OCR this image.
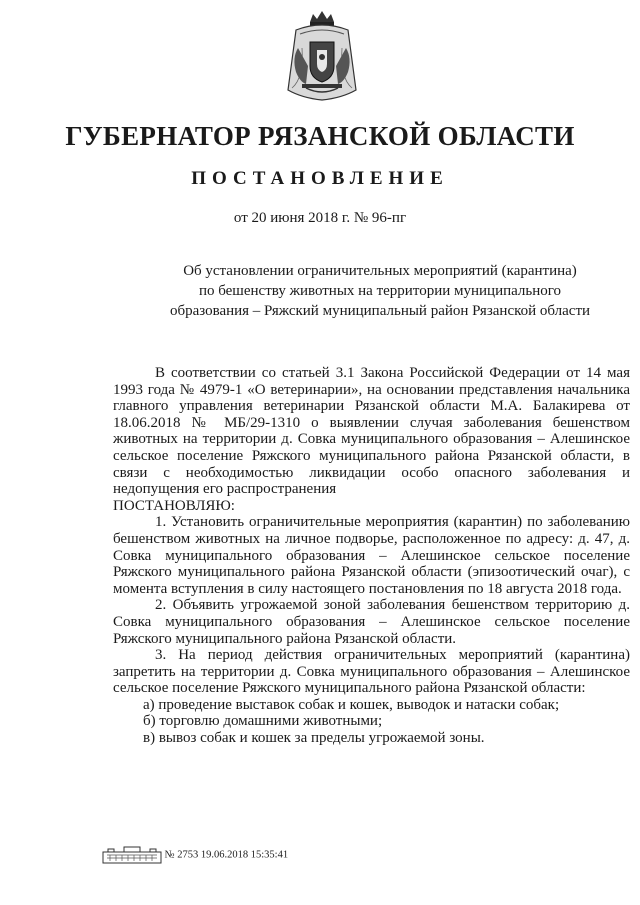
ГУБЕРНАТОР РЯЗАНСКОЙ ОБЛАСТИ
ПОСТАНОВЛЕНИЕ
от 20 июня 2018 г. № 96-пг
Об установлении ограничительных мероприятий (карантина)
по бешенству животных на территории муниципального
образования – Ряжский муниципальный район Рязанской области

В соответствии со статьей 3.1 Закона Российской Федерации от 14 мая 1993 года № 4979-1 «О ветеринарии», на основании представления начальника главного управления ветеринарии Рязанской области М.А. Балакирева от 18.06.2018 № МБ/29-1310 о выявлении случая заболевания бешенством животных на территории д. Совка муниципального образования – Алешинское сельское поселение Ряжского муниципального района Рязанской области, в связи с необходимостью ликвидации особо опасного заболевания и недопущения его распространения

ПОСТАНОВЛЯЮ:

1. Установить ограничительные мероприятия (карантин) по заболеванию бешенством животных на личное подворье, расположенное по адресу: д. 47, д. Совка муниципального образования – Алешинское сельское поселение Ряжского муниципального района Рязанской области (эпизоотический очаг), с момента вступления в силу настоящего постановления по 18 августа 2018 года.

2. Объявить угрожаемой зоной заболевания бешенством территорию д. Совка муниципального образования – Алешинское сельское поселение Ряжского муниципального района Рязанской области.

3. На период действия ограничительных мероприятий (карантина) запретить на территории д. Совка муниципального образования – Алешинское сельское поселение Ряжского муниципального района Рязанской области:

а) проведение выставок собак и кошек, выводок и натаски собак;

б) торговлю домашними животными;

в) вывоз собак и кошек за пределы угрожаемой зоны.

№ 2753 19.06.2018 15:35:41
